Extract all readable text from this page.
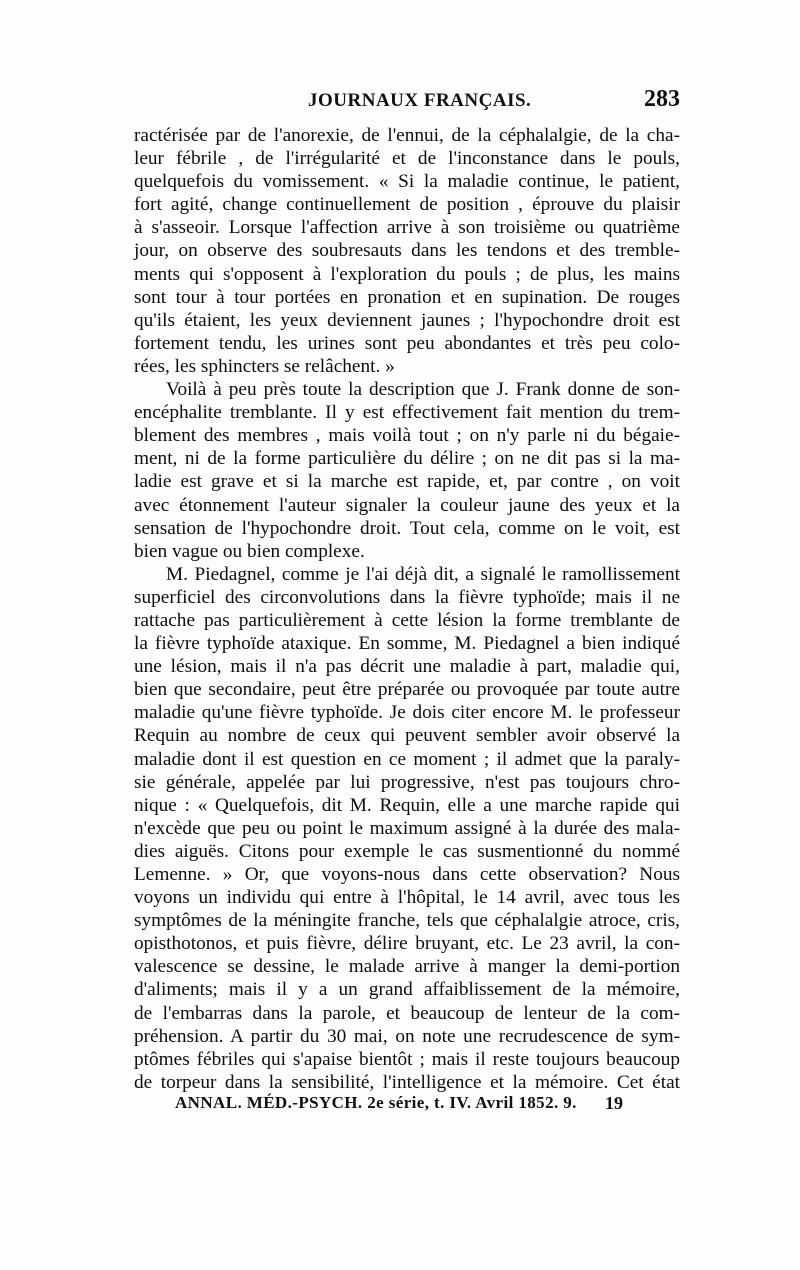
JOURNAUX FRANÇAIS.	283
ractérisée par de l'anorexie, de l'ennui, de la céphalalgie, de la cha-
leur fébrile , de l'irrégularité et de l'inconstance dans le pouls,
quelquefois du vomissement. « Si la maladie continue, le patient,
fort agité, change continuellement de position , éprouve du plaisir
à s'asseoir. Lorsque l'affection arrive à son troisième ou quatrième
jour, on observe des soubresauts dans les tendons et des tremble-
ments qui s'opposent à l'exploration du pouls ; de plus, les mains
sont tour à tour portées en pronation et en supination. De rouges
qu'ils étaient, les yeux deviennent jaunes ; l'hypochondre droit est
fortement tendu, les urines sont peu abondantes et très peu colo-
rées, les sphincters se relâchent. »
Voilà à peu près toute la description que J. Frank donne de son-
encéphalite tremblante. Il y est effectivement fait mention du trem-
blement des membres , mais voilà tout ; on n'y parle ni du bégaie-
ment, ni de la forme particulière du délire ; on ne dit pas si la ma-
ladie est grave et si la marche est rapide, et, par contre , on voit
avec étonnement l'auteur signaler la couleur jaune des yeux et la
sensation de l'hypochondre droit. Tout cela, comme on le voit, est
bien vague ou bien complexe.
M. Piedagnel, comme je l'ai déjà dit, a signalé le ramollissement
superficiel des circonvolutions dans la fièvre typhoïde; mais il ne
rattache pas particulièrement à cette lésion la forme tremblante de
la fièvre typhoïde ataxique. En somme, M. Piedagnel a bien indiqué
une lésion, mais il n'a pas décrit une maladie à part, maladie qui,
bien que secondaire, peut être préparée ou provoquée par toute autre
maladie qu'une fièvre typhoïde. Je dois citer encore M. le professeur
Requin au nombre de ceux qui peuvent sembler avoir observé la
maladie dont il est question en ce moment ; il admet que la paraly-
sie générale, appelée par lui progressive, n'est pas toujours chro-
nique : « Quelquefois, dit M. Requin, elle a une marche rapide qui
n'excède que peu ou point le maximum assigné à la durée des mala-
dies aiguës. Citons pour exemple le cas susmentionné du nommé
Lemenne. » Or, que voyons-nous dans cette observation? Nous
voyons un individu qui entre à l'hôpital, le 14 avril, avec tous les
symptômes de la méningite franche, tels que céphalalgie atroce, cris,
opisthotonos, et puis fièvre, délire bruyant, etc. Le 23 avril, la con-
valescence se dessine, le malade arrive à manger la demi-portion
d'aliments; mais il y a un grand affaiblissement de la mémoire,
de l'embarras dans la parole, et beaucoup de lenteur de la com-
préhension. A partir du 30 mai, on note une recrudescence de sym-
ptômes fébriles qui s'apaise bientôt ; mais il reste toujours beaucoup
de torpeur dans la sensibilité, l'intelligence et la mémoire. Cet état
ANNAL. MÉD.-PSYCH. 2e série, t. IV. Avril 1852. 9. 19
